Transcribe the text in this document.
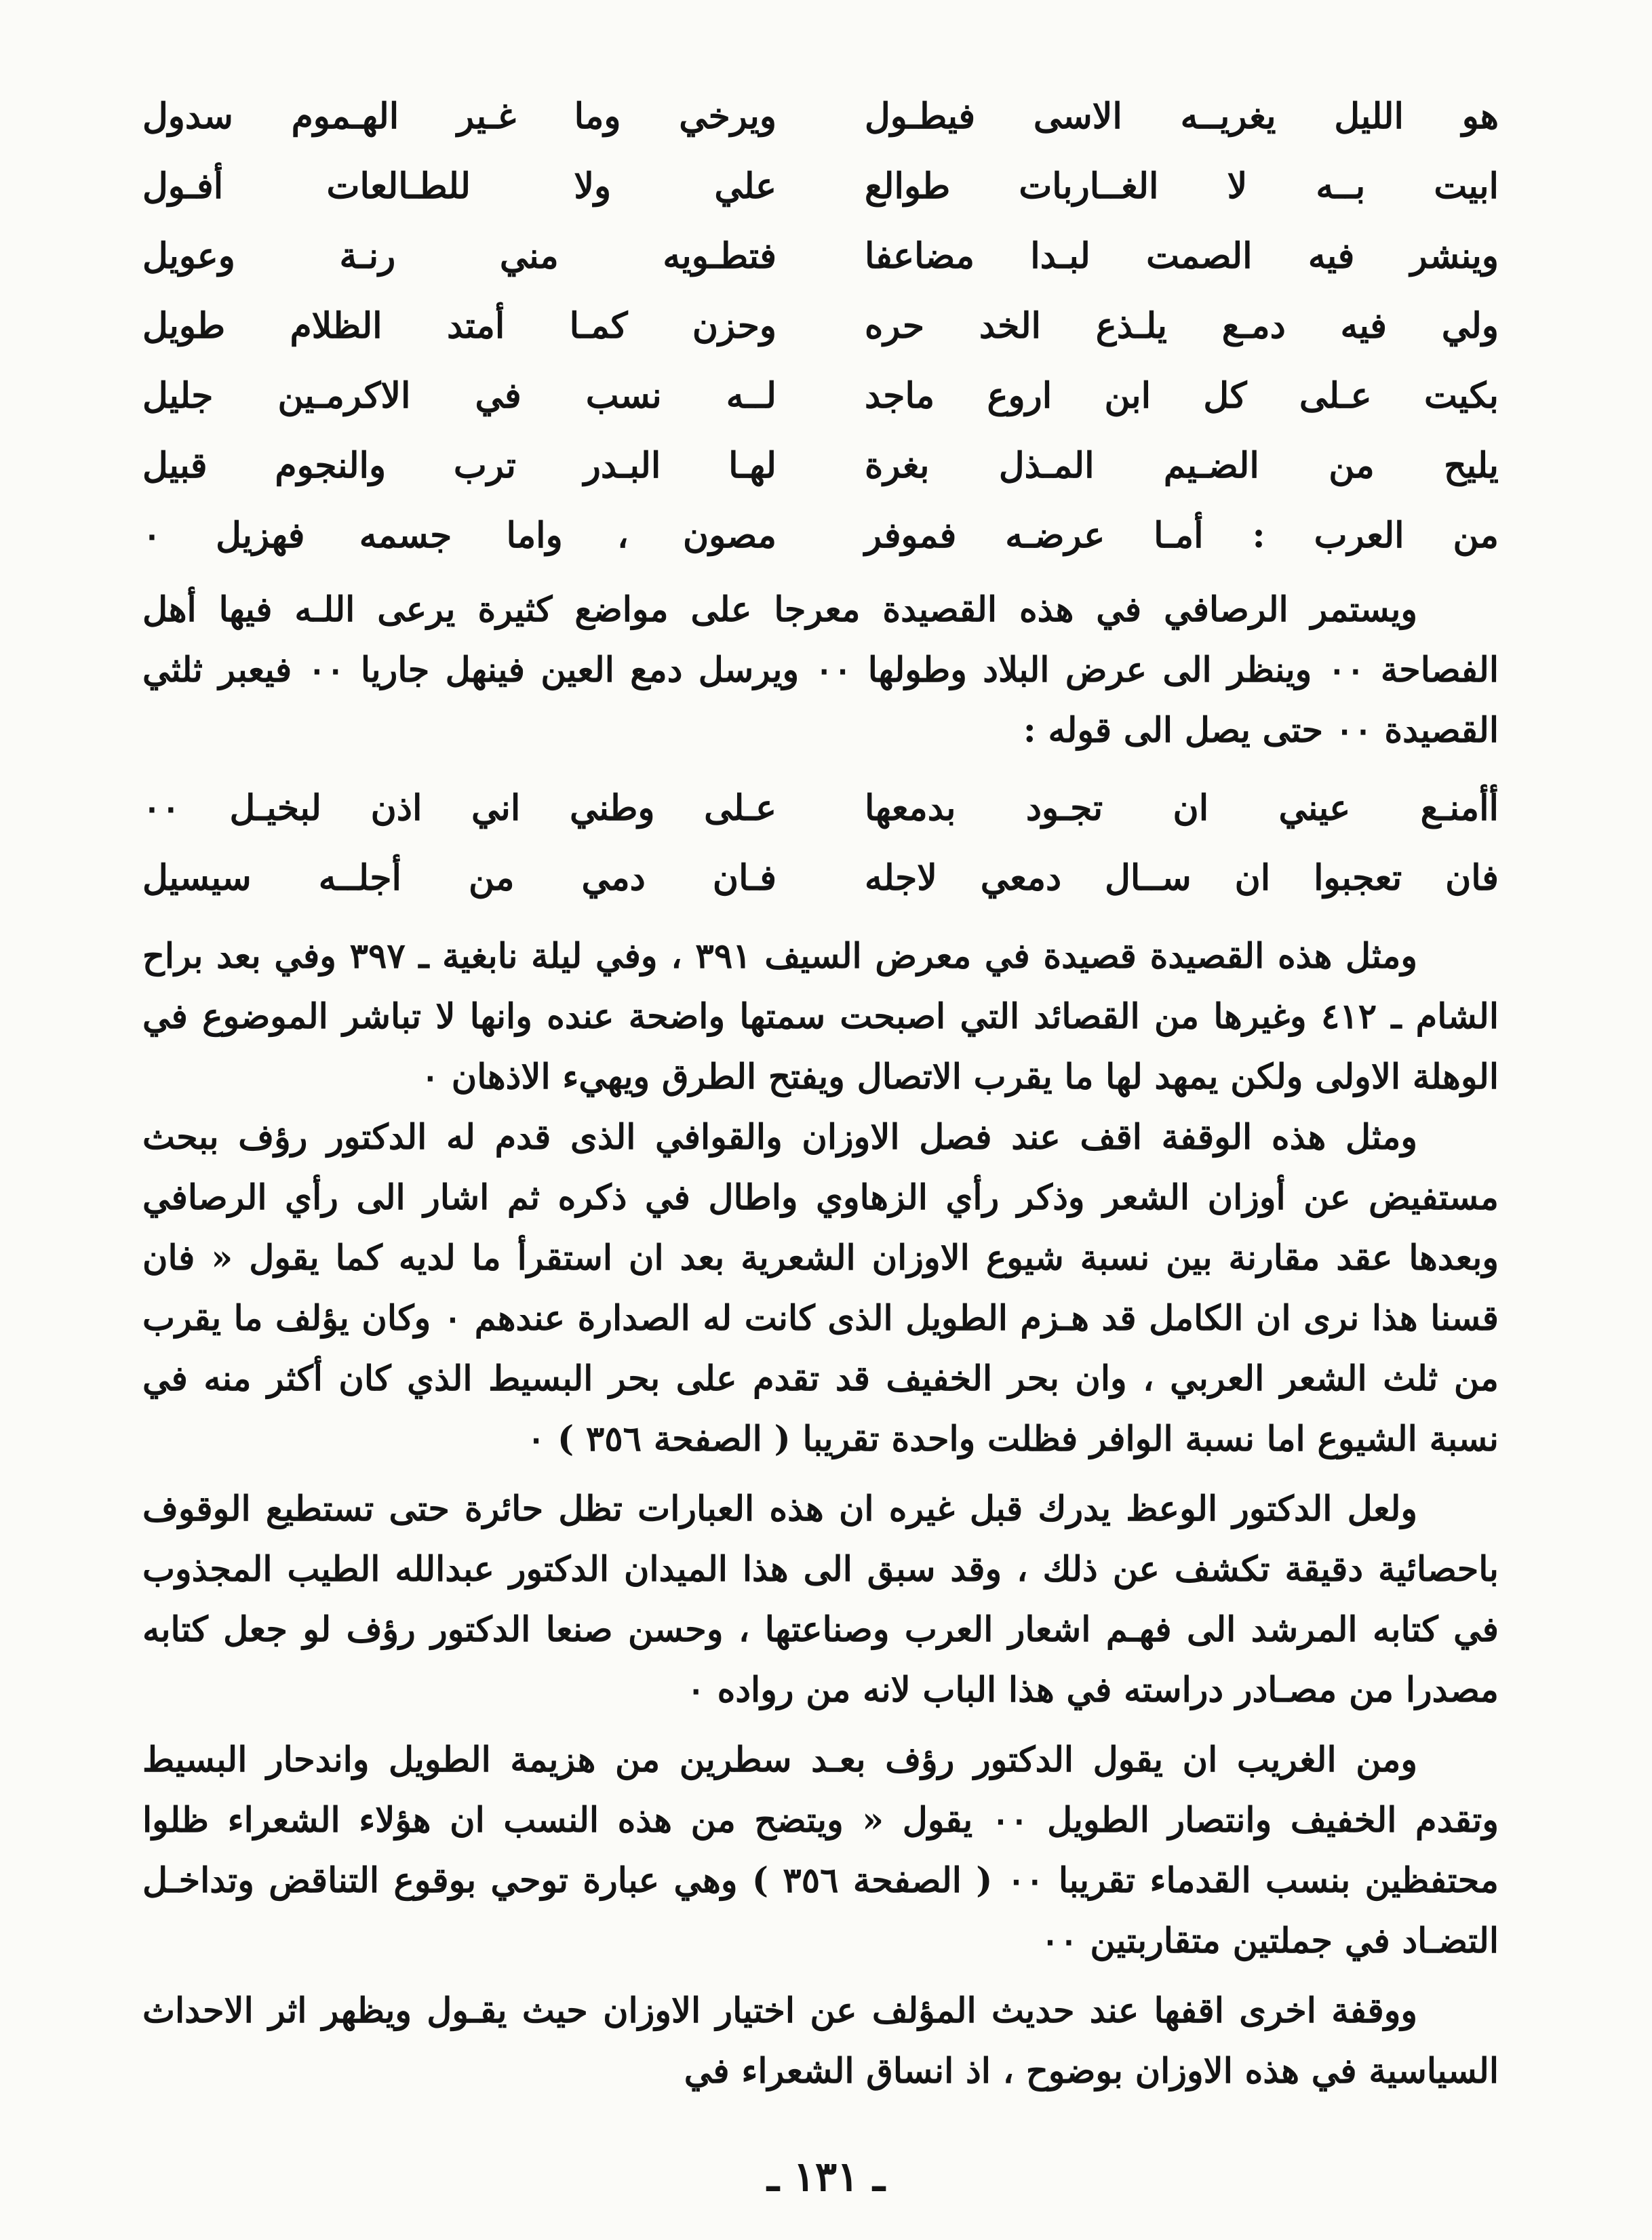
هو الليل يغريــه الاسى فيطـول
ويرخي وما غـير الهـموم سدول
ابيت بــه لا الغــاربات طوالع
علي ولا للطـالعات أفـول
وينشر فيه الصمت لبـدا مضاعفا
فتطـويه مني رنـة وعويل
ولي فيه دمـع يلـذع الخد حره
وحزن كمـا أمتد الظلام طويل
بكيت عـلى كل ابن اروع ماجد
لــه نسب في الاكرمـين جليل
يليح من الضـيم المـذل بغرة
لهـا البـدر ترب والنجوم قبيل
من العرب : أمـا عرضـه فموفر
مصون ، واما جسمه فهزيل ٠

ويستمر الرصافي في هذه القصيدة معرجا على مواضع كثيرة يرعى اللـه فيها أهل الفصاحة ٠٠ وينظر الى عرض البلاد وطولها ٠٠ ويرسل دمع العين فينهل جاريا ٠٠ فيعبر ثلثي القصيدة ٠٠ حتى يصل الى قوله :

أأمنـع عيني ان تجـود بدمعها
عـلى وطني اني اذن لبخيـل ٠٠
فان تعجبوا ان ســال دمعي لاجله
فـان دمي من أجلــه سيسيل

ومثل هذه القصيدة قصيدة في معرض السيف ٣٩١ ، وفي ليلة نابغية ـ ٣٩٧ وفي بعد براح الشام ـ ٤١٢ وغيرها من القصائد التي اصبحت سمتها واضحة عنده وانها لا تباشر الموضوع في الوهلة الاولى ولكن يمهد لها ما يقرب الاتصال ويفتح الطرق ويهيء الاذهان ٠

ومثل هذه الوقفة اقف عند فصل الاوزان والقوافي الذى قدم له الدكتور رؤف ببحث مستفيض عن أوزان الشعر وذكر رأي الزهاوي واطال في ذكره ثم اشار الى رأي الرصافي وبعدها عقد مقارنة بين نسبة شيوع الاوزان الشعرية بعد ان استقرأ ما لديه كما يقول « فان قسنا هذا نرى ان الكامل قد هـزم الطويل الذى كانت له الصدارة عندهم ٠ وكان يؤلف ما يقرب من ثلث الشعر العربي ، وان بحر الخفيف قد تقدم على بحر البسيط الذي كان أكثر منه في نسبة الشيوع اما نسبة الوافر فظلت واحدة تقريبا ( الصفحة ٣٥٦ ) ٠

ولعل الدكتور الوعظ يدرك قبل غيره ان هذه العبارات تظل حائرة حتى تستطيع الوقوف باحصائية دقيقة تكشف عن ذلك ، وقد سبق الى هذا الميدان الدكتور عبدالله الطيب المجذوب في كتابه المرشد الى فهـم اشعار العرب وصناعتها ، وحسن صنعا الدكتور رؤف لو جعل كتابه مصدرا من مصـادر دراسته في هذا الباب لانه من رواده ٠

ومن الغريب ان يقول الدكتور رؤف بعـد سطرين من هزيمة الطويل واندحار البسيط وتقدم الخفيف وانتصار الطويل ٠٠ يقول « ويتضح من هذه النسب ان هؤلاء الشعراء ظلوا محتفظين بنسب القدماء تقريبا ٠٠ ( الصفحة ٣٥٦ ) وهي عبارة توحي بوقوع التناقض وتداخـل التضـاد في جملتين متقاربتين ٠٠

ووقفة اخرى اقفها عند حديث المؤلف عن اختيار الاوزان حيث يقـول ويظهر اثر الاحداث السياسية في هذه الاوزان بوضوح ، اذ انساق الشعراء في

ـ ١٣١ ـ
